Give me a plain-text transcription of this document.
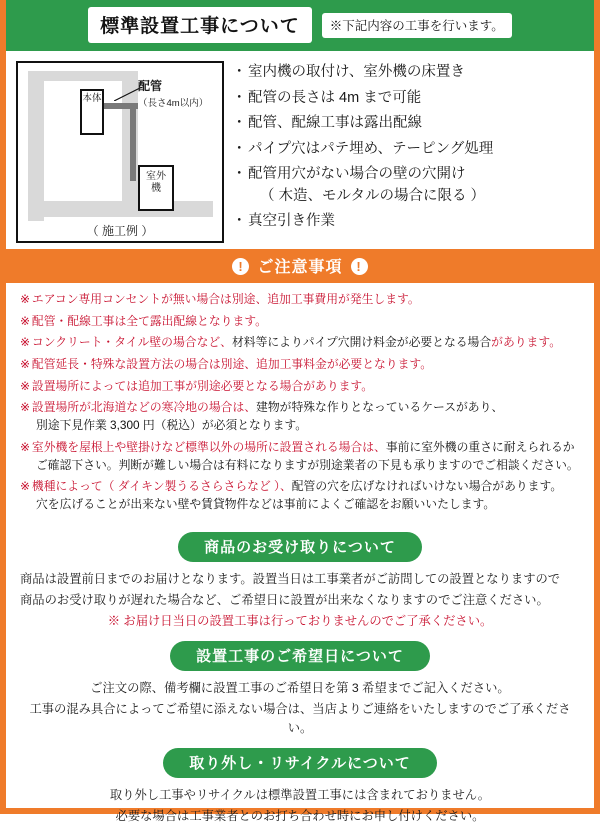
標準設置工事について	※下記内容の工事を行います。
本体
室外 機
配管
（長さ4m以内）
（ 施工例 ）
・ 室内機の取付け、室外機の床置き
・ 配管の長さは 4m まで可能
・ 配管、配線工事は露出配線
・ パイプ穴はパテ埋め、テーピング処理
・ 配管用穴がない場合の壁の穴開け
（ 木造、モルタルの場合に限る ）
・ 真空引き作業
! ご注意事項 !
※ エアコン専用コンセントが無い場合は別途、追加工事費用が発生します。
※ 配管・配線工事は全て露出配線となります。
※ コンクリート・タイル壁の場合など、材料等によりパイプ穴開け料金が必要となる場合があります。
※ 配管延長・特殊な設置方法の場合は別途、追加工事料金が必要となります。
※ 設置場所によっては追加工事が別途必要となる場合があります。
※ 設置場所が北海道などの寒冷地の場合は、建物が特殊な作りとなっているケースがあり、
別途下見作業 3,300 円（税込）が必須となります。
※ 室外機を屋根上や壁掛けなど標準以外の場所に設置される場合は、事前に室外機の重さに耐えられるか
ご確認下さい。判断が難しい場合は有料になりますが別途業者の下見も承りますのでご相談ください。
※ 機種によって（ ダイキン製うるさらさらなど ）、配管の穴を広げなければいけない場合があります。
穴を広げることが出来ない壁や賃貸物件などは事前によくご確認をお願いいたします。
商品のお受け取りについて

商品は設置前日までのお届けとなります。設置当日は工事業者がご訪問しての設置となりますので

商品のお受け取りが遅れた場合など、ご希望日に設置が出来なくなりますのでご注意ください。

※ お届け日当日の設置工事は行っておりませんのでご了承ください。

設置工事のご希望日について

ご注文の際、備考欄に設置工事のご希望日を第 3 希望までご記入ください。

工事の混み具合によってご希望に添えない場合は、当店よりご連絡をいたしますのでご了承ください。

取り外し・リサイクルについて

取り外し工事やリサイクルは標準設置工事には含まれておりません。

必要な場合は工事業者とのお打ち合わせ時にお申し付けください。
